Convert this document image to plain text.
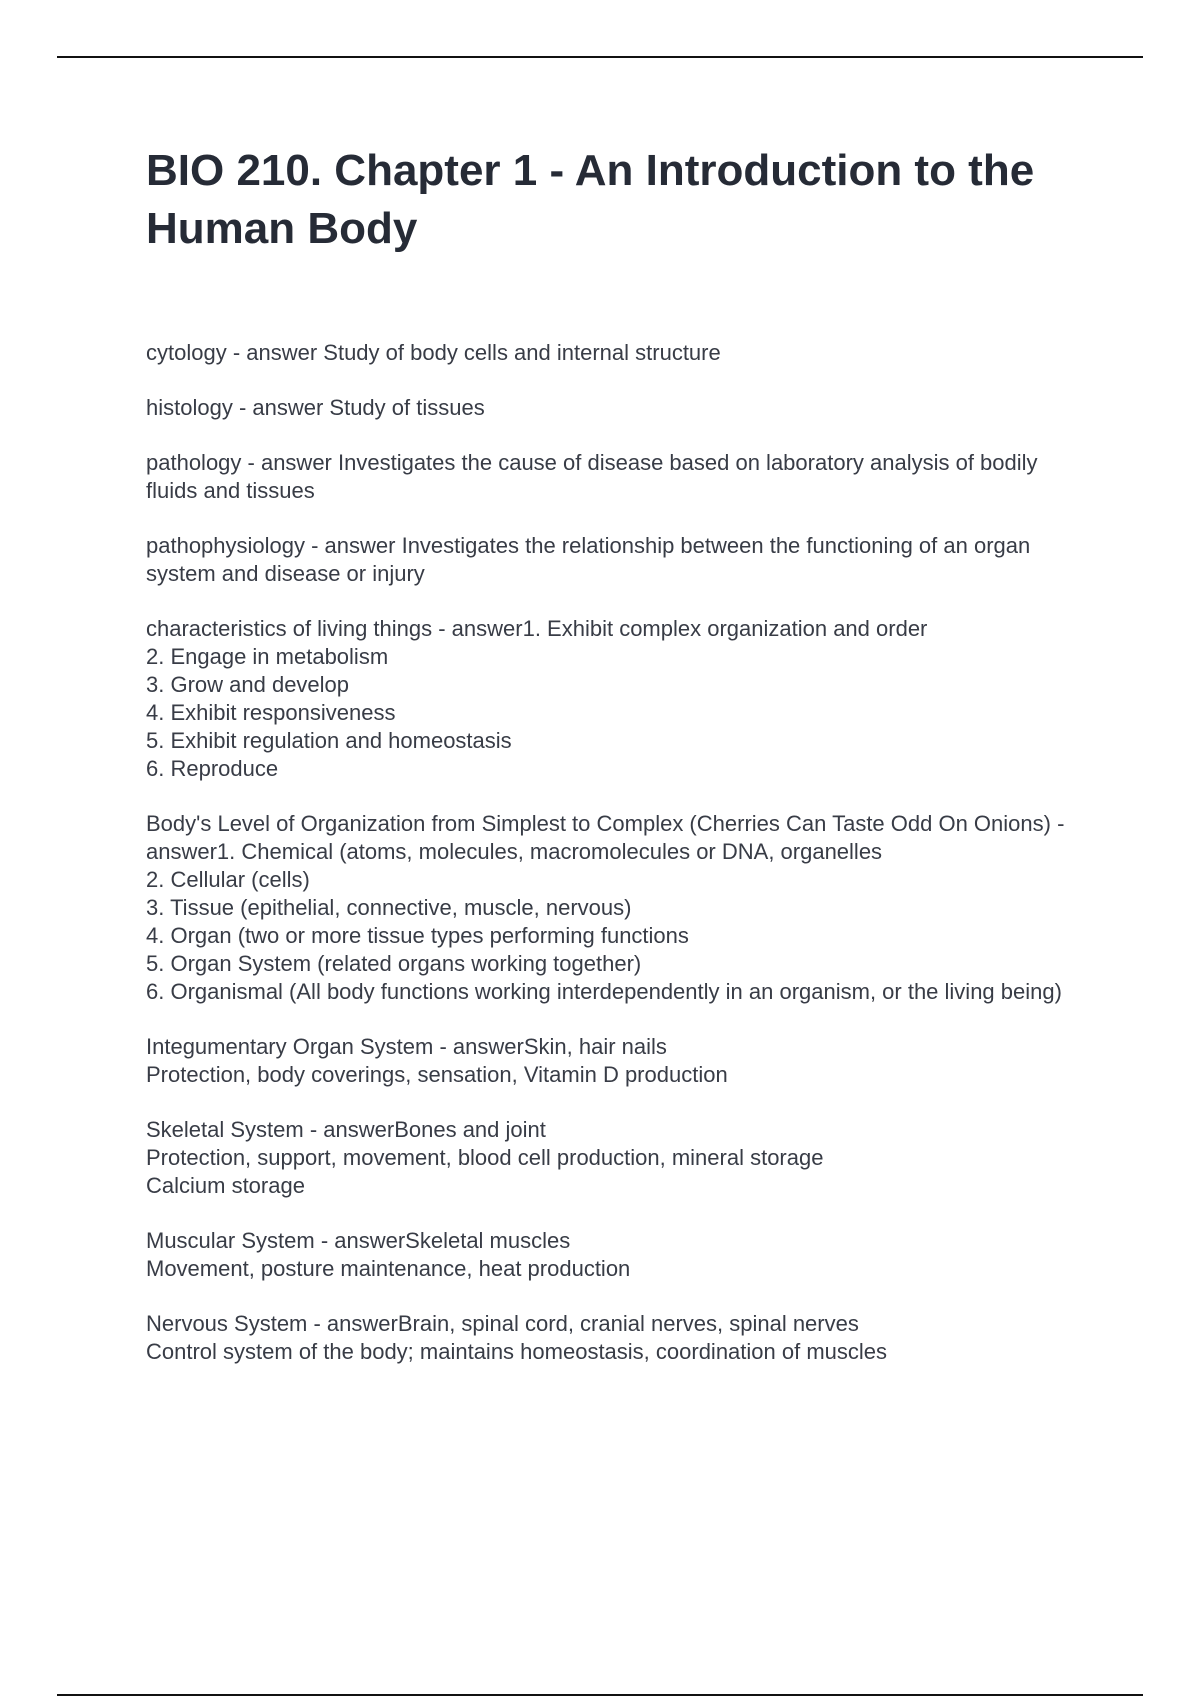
BIO 210. Chapter 1 - An Introduction to the Human Body

cytology - answer Study of body cells and internal structure

histology - answer Study of tissues

pathology - answer Investigates the cause of disease based on laboratory analysis of bodily fluids and tissues

pathophysiology - answer Investigates the relationship between the functioning of an organ system and disease or injury

characteristics of living things - answer1. Exhibit complex organization and order
2. Engage in metabolism
3. Grow and develop
4. Exhibit responsiveness
5. Exhibit regulation and homeostasis
6. Reproduce

Body's Level of Organization from Simplest to Complex (Cherries Can Taste Odd On Onions) - answer1. Chemical (atoms, molecules, macromolecules or DNA, organelles
2. Cellular (cells)
3. Tissue (epithelial, connective, muscle, nervous)
4. Organ (two or more tissue types performing functions
5. Organ System (related organs working together)
6. Organismal (All body functions working interdependently in an organism, or the living being)

Integumentary Organ System - answerSkin, hair nails
Protection, body coverings, sensation, Vitamin D production

Skeletal System - answerBones and joint
Protection, support, movement, blood cell production, mineral storage
Calcium storage

Muscular System - answerSkeletal muscles
Movement, posture maintenance, heat production

Nervous System - answerBrain, spinal cord, cranial nerves, spinal nerves
Control system of the body; maintains homeostasis, coordination of muscles
